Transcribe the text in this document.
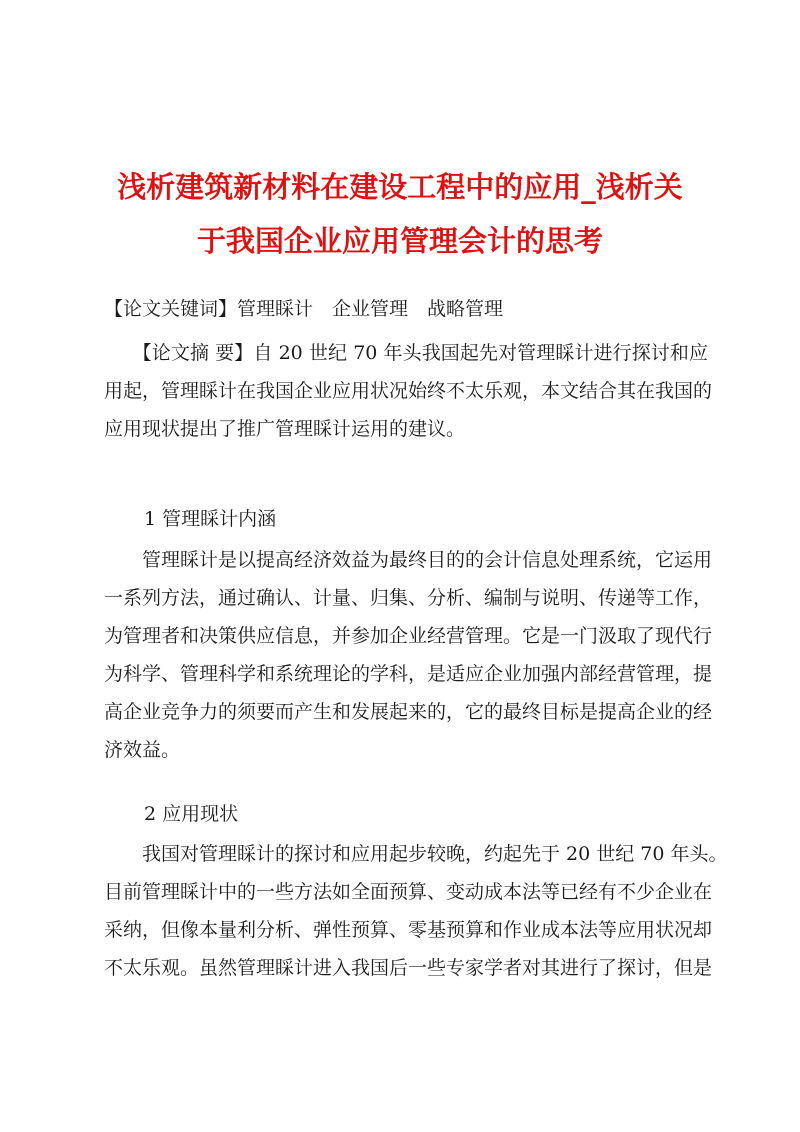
浅析建筑新材料在建设工程中的应用_浅析关
于我国企业应用管理会计的思考
【论文关键词】管理睬计　企业管理　战略管理
　　【论文摘 要】自 20 世纪 70 年头我国起先对管理睬计进行探讨和应
用起，管理睬计在我国企业应用状况始终不太乐观，本文结合其在我国的
应用现状提出了推广管理睬计运用的建议。
1 管理睬计内涵
　　管理睬计是以提高经济效益为最终目的的会计信息处理系统，它运用
一系列方法，通过确认、计量、归集、分析、编制与说明、传递等工作，
为管理者和决策供应信息，并参加企业经营管理。它是一门汲取了现代行
为科学、管理科学和系统理论的学科，是适应企业加强内部经营管理，提
高企业竞争力的须要而产生和发展起来的，它的最终目标是提高企业的经
济效益。
2 应用现状
　　我国对管理睬计的探讨和应用起步较晚，约起先于 20 世纪 70 年头。
目前管理睬计中的一些方法如全面预算、变动成本法等已经有不少企业在
采纳，但像本量利分析、弹性预算、零基预算和作业成本法等应用状况却
不太乐观。虽然管理睬计进入我国后一些专家学者对其进行了探讨，但是
